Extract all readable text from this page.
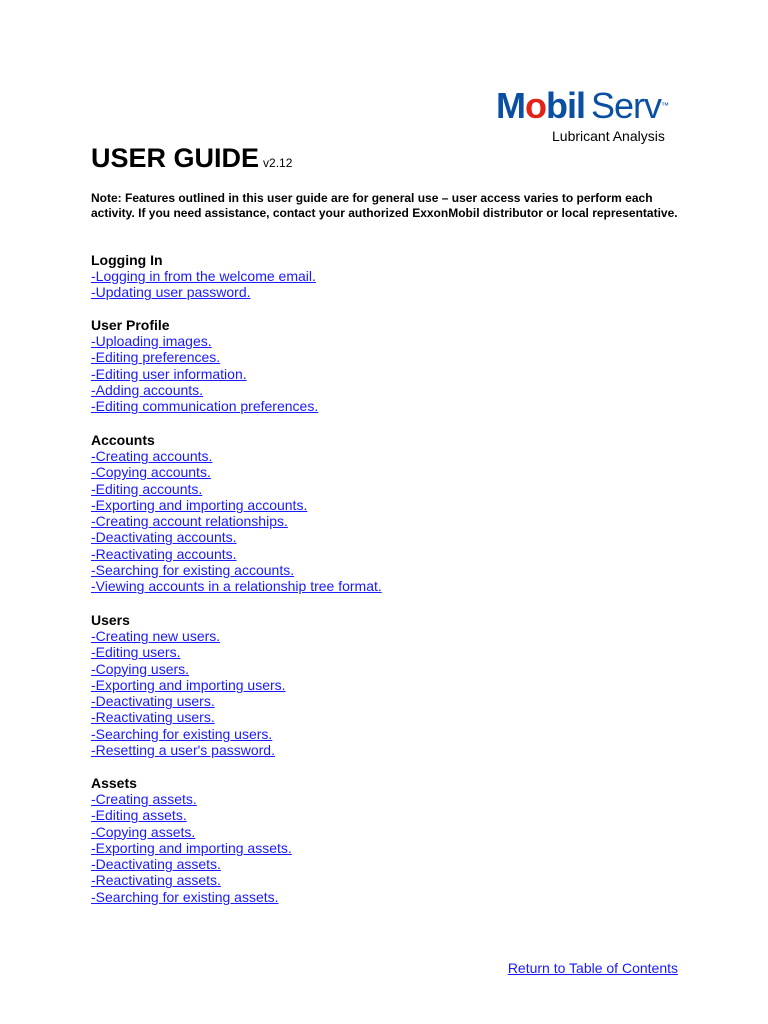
Mobil Serv™
Lubricant Analysis
USER GUIDE v2.12
Note: Features outlined in this user guide are for general use – user access varies to perform each activity. If you need assistance, contact your authorized ExxonMobil distributor or local representative.
Logging In
-Logging in from the welcome email.
-Updating user password.
User Profile
-Uploading images.
-Editing preferences.
-Editing user information.
-Adding accounts.
-Editing communication preferences.
Accounts
-Creating accounts.
-Copying accounts.
-Editing accounts.
-Exporting and importing accounts.
-Creating account relationships.
-Deactivating accounts.
-Reactivating accounts.
-Searching for existing accounts.
-Viewing accounts in a relationship tree format.
Users
-Creating new users.
-Editing users.
-Copying users.
-Exporting and importing users.
-Deactivating users.
-Reactivating users.
-Searching for existing users.
-Resetting a user's password.
Assets
-Creating assets.
-Editing assets.
-Copying assets.
-Exporting and importing assets.
-Deactivating assets.
-Reactivating assets.
-Searching for existing assets.
Return to Table of Contents
